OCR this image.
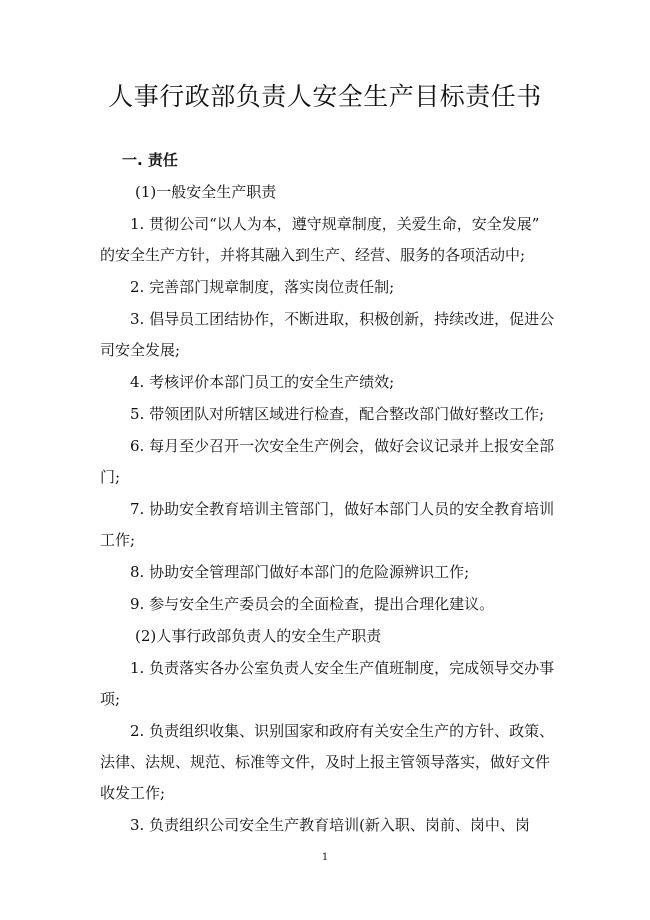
人事行政部负责人安全生产目标责任书
一. 责任
(1)一般安全生产职责
1. 贯彻公司“以人为本，遵守规章制度，关爱生命，安全发展”
的安全生产方针，并将其融入到生产、经营、服务的各项活动中;
2. 完善部门规章制度，落实岗位责任制;
3. 倡导员工团结协作，不断进取，积极创新，持续改进，促进公
司安全发展;
4. 考核评价本部门员工的安全生产绩效;
5. 带领团队对所辖区域进行检查，配合整改部门做好整改工作;
6. 每月至少召开一次安全生产例会，做好会议记录并上报安全部
门;
7. 协助安全教育培训主管部门，做好本部门人员的安全教育培训
工作;
8. 协助安全管理部门做好本部门的危险源辨识工作;
9. 参与安全生产委员会的全面检查，提出合理化建议。
(2)人事行政部负责人的安全生产职责
1. 负责落实各办公室负责人安全生产值班制度，完成领导交办事
项;
2. 负责组织收集、识别国家和政府有关安全生产的方针、政策、
法律、法规、规范、标准等文件，及时上报主管领导落实，做好文件
收发工作;
3. 负责组织公司安全生产教育培训(新入职、岗前、岗中、岗
1
